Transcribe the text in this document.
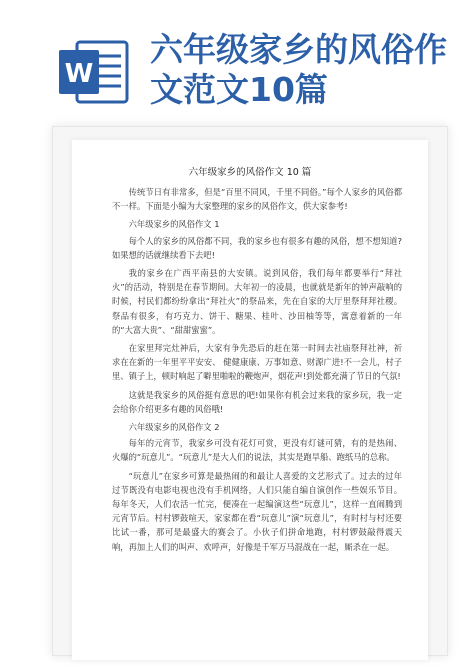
W
六年级家乡的风俗作文范文10篇
六年级家乡的风俗作文 10 篇

传统节日有非常多，但是“百里不同风，千里不同俗。”每个人家乡的风俗都不一样。下面是小编为大家整理的家乡的风俗作文，供大家参考!

六年级家乡的风俗作文 1

每个人的家乡的风俗都不同，我的家乡也有很多有趣的风俗，想不想知道?如果想的话就继续看下去吧!

我的家乡在广西平南县的大安镇。说到风俗，我们每年都要举行“拜社火”的活动，特别是在春节期间。大年初一的凌晨，也就就是新年的钟声敲响的时候，村民们都纷纷拿出“拜社火”的祭品来，先在自家的大厅里祭拜拜社稷。祭品有很多，有巧克力、饼干、糖果、桂叶、沙田柚等等，寓意着新的一年的“大富大贵”、“甜甜蜜蜜”。

在家里拜完灶神后，大家有争先恐后的赶在第一时间去社庙祭拜社神，祈求在在新的一年里平平安安、 健健康康、万事如意、财源广进!不一会儿，村子里、镇子上，顿时响起了噼里啪啦的鞭炮声，烟花声!到处都充满了节日的气氛!

这就是我家乡的风俗挺有意思的吧!如果你有机会过来我的家乡玩，我一定会给你介绍更多有趣的风俗哦!

六年级家乡的风俗作文 2

每年的元宵节，我家乡可没有花灯可赏，更没有灯谜可猜，有的是热闹、火爆的“玩意儿”。“玩意儿”是大人们的说法，其实是跑旱船、跑纸马的总称。

“玩意儿”在家乡可算是最热闹的和最让人喜爱的文艺形式了。过去的过年过节既没有电影电视也没有手机网络，人们只能自编自演创作一些娱乐节目。每年冬天，人们农活一忙完，便凑在一起编演这些“玩意儿”，这样一直闹腾到元宵节后。村村锣鼓喧天，家家都在看“玩意儿”演“玩意儿”，有时村与村还要比试一番，那可是最盛大的赛会了。小伙子们拼命地跑，村村锣鼓敲得震天响，再加上人们的叫声、欢呼声，好像是千军万马混战在一起，厮杀在一起。
